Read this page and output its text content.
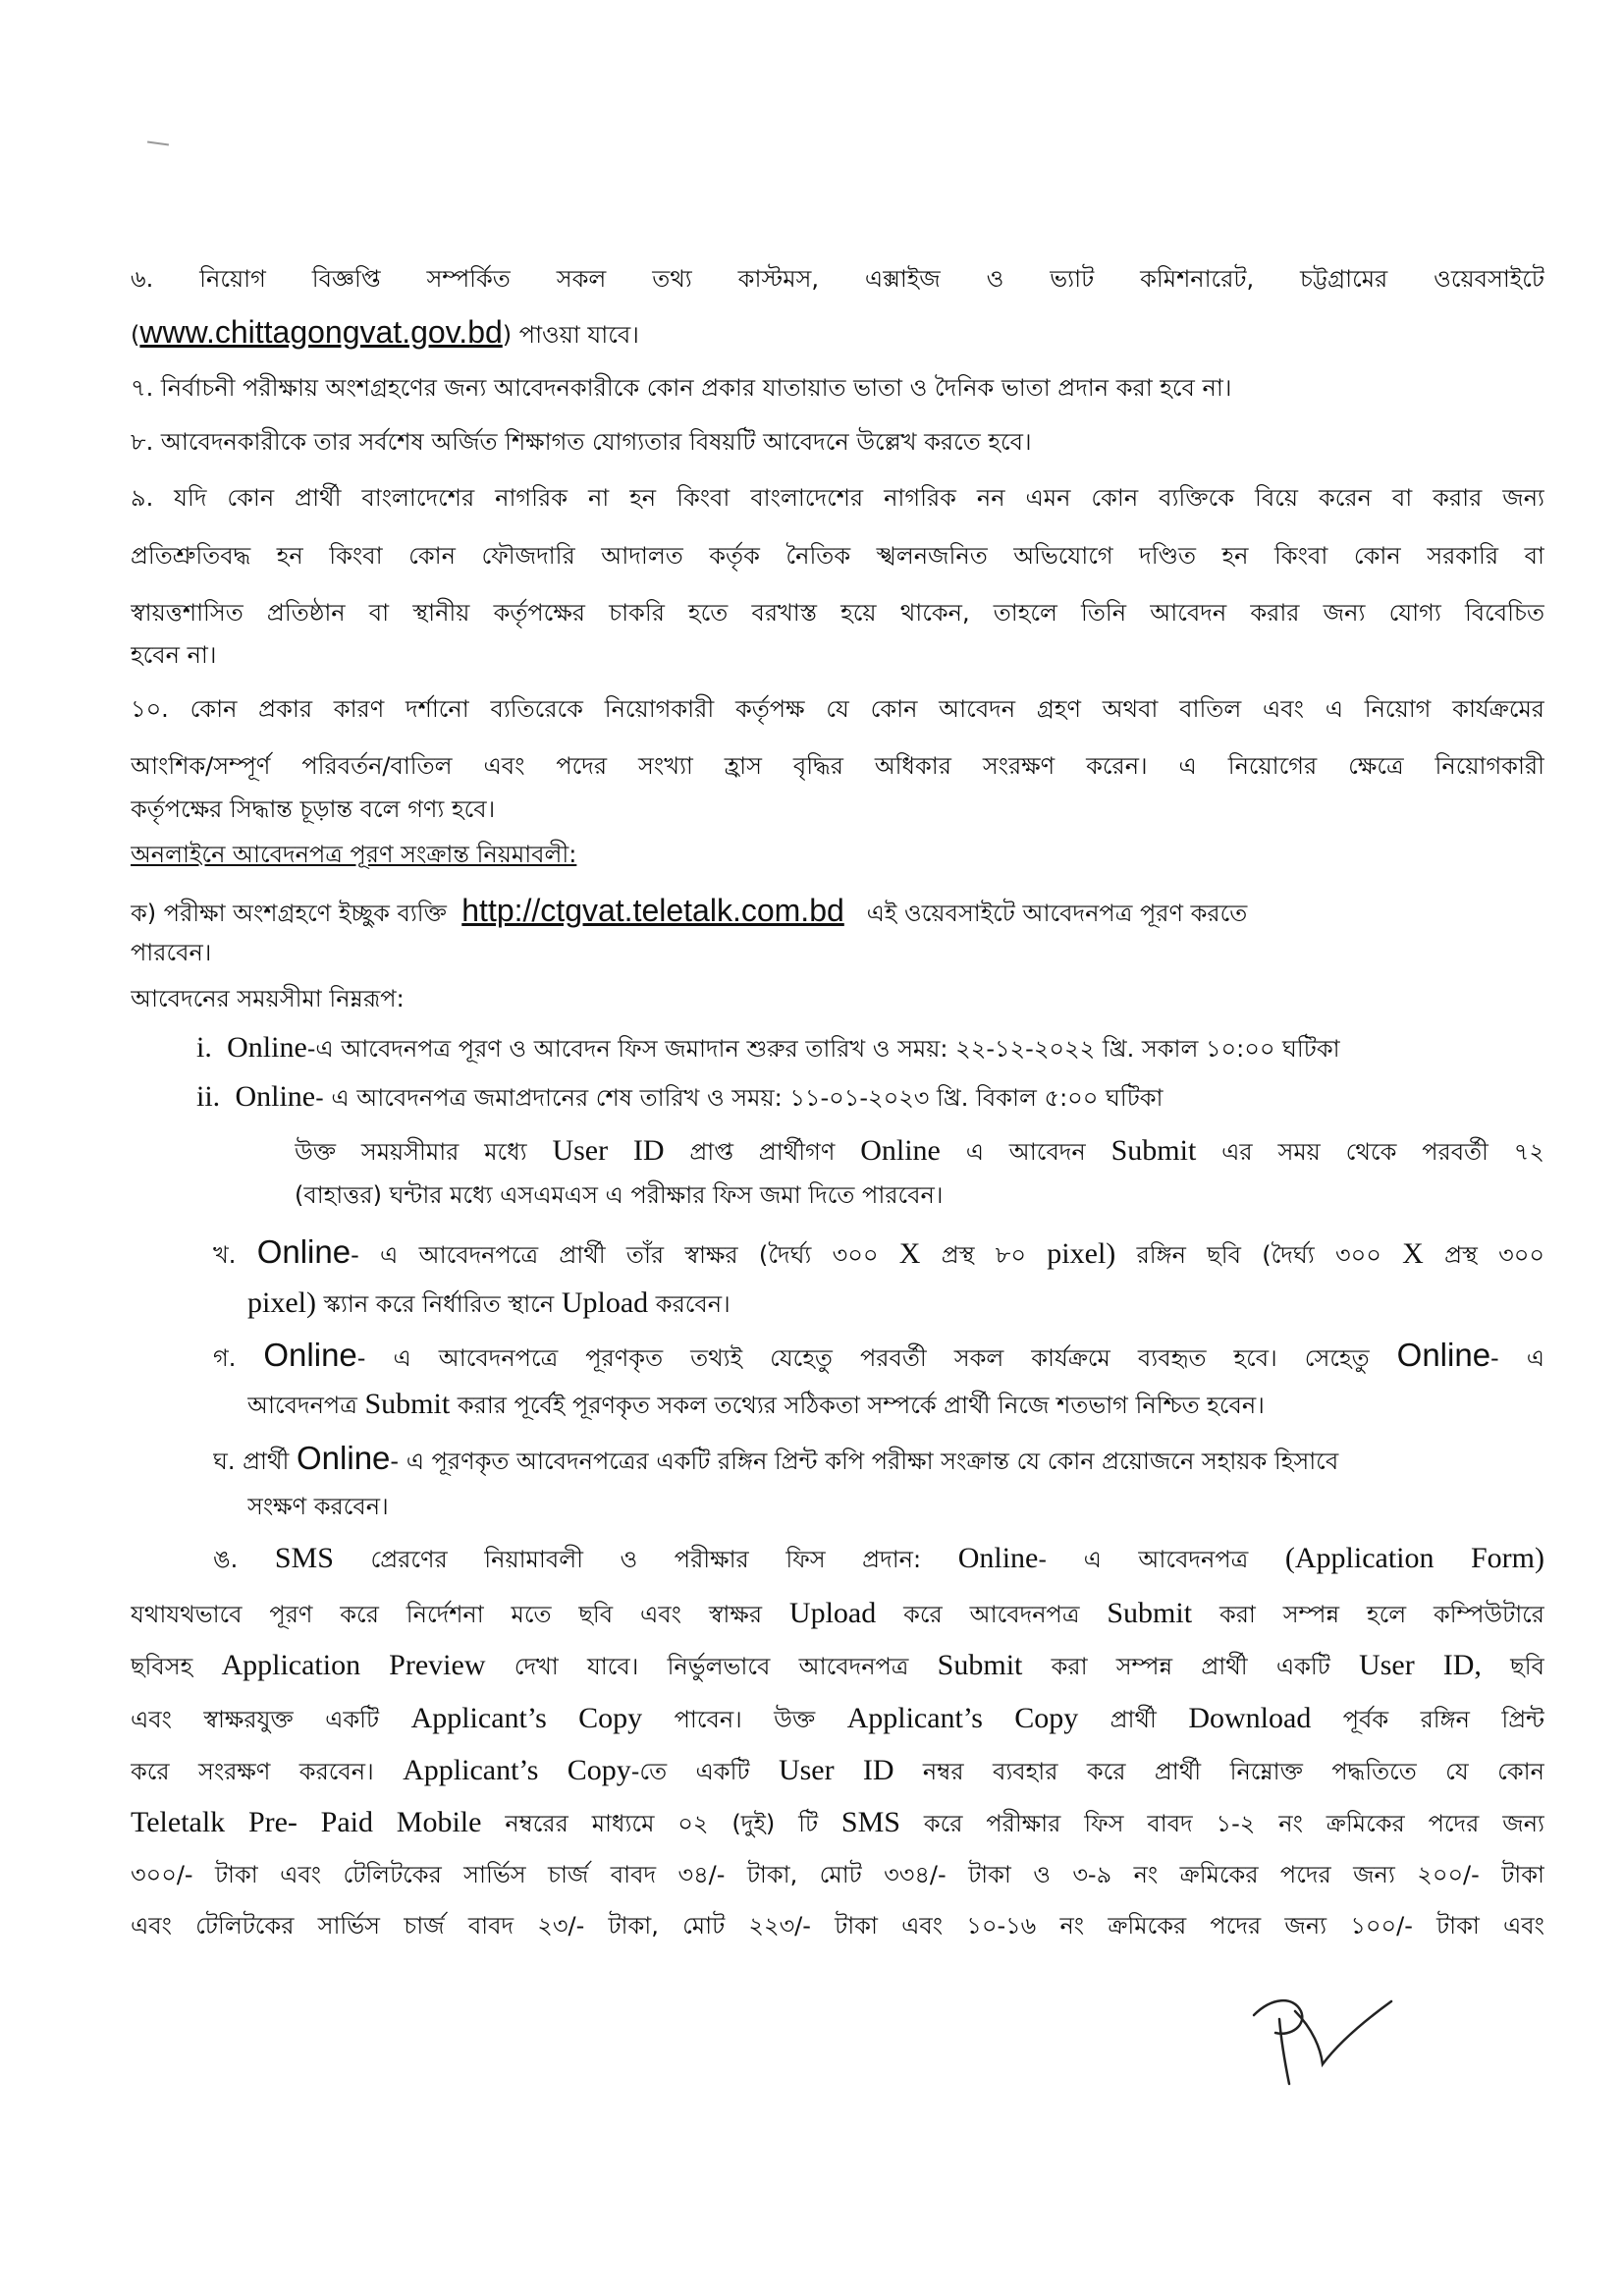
৬. নিয়োগ বিজ্ঞপ্তি সম্পর্কিত সকল তথ্য কাস্টমস, এক্সাইজ ও ভ্যাট কমিশনারেট, চট্টগ্রামের ওয়েবসাইটে
(www.chittagongvat.gov.bd) পাওয়া যাবে।
৭. নির্বাচনী পরীক্ষায় অংশগ্রহণের জন্য আবেদনকারীকে কোন প্রকার যাতায়াত ভাতা ও দৈনিক ভাতা প্রদান করা হবে না।
৮. আবেদনকারীকে তার সর্বশেষ অর্জিত শিক্ষাগত যোগ্যতার বিষয়টি আবেদনে উল্লেখ করতে হবে।
৯. যদি কোন প্রার্থী বাংলাদেশের নাগরিক না হন কিংবা বাংলাদেশের নাগরিক নন এমন কোন ব্যক্তিকে বিয়ে করেন বা করার জন্য
প্রতিশ্রুতিবদ্ধ হন কিংবা কোন ফৌজদারি আদালত কর্তৃক নৈতিক স্খলনজনিত অভিযোগে দণ্ডিত হন কিংবা কোন সরকারি বা
স্বায়ত্তশাসিত প্রতিষ্ঠান বা স্থানীয় কর্তৃপক্ষের চাকরি হতে বরখাস্ত হয়ে থাকেন, তাহলে তিনি আবেদন করার জন্য যোগ্য বিবেচিত
হবেন না।
১০. কোন প্রকার কারণ দর্শানো ব্যতিরেকে নিয়োগকারী কর্তৃপক্ষ যে কোন আবেদন গ্রহণ অথবা বাতিল এবং এ নিয়োগ কার্যক্রমের
আংশিক/সম্পূর্ণ পরিবর্তন/বাতিল এবং পদের সংখ্যা হ্রাস বৃদ্ধির অধিকার সংরক্ষণ করেন। এ নিয়োগের ক্ষেত্রে নিয়োগকারী
কর্তৃপক্ষের সিদ্ধান্ত চূড়ান্ত বলে গণ্য হবে।
অনলাইনে আবেদনপত্র পূরণ সংক্রান্ত নিয়মাবলী:
ক) পরীক্ষা অংশগ্রহণে ইচ্ছুক ব্যক্তি http://ctgvat.teletalk.com.bd এই ওয়েবসাইটে আবেদনপত্র পূরণ করতে
পারবেন।
আবেদনের সময়সীমা নিম্নরূপ:
i. Online-এ আবেদনপত্র পূরণ ও আবেদন ফিস জমাদান শুরুর তারিখ ও সময়: ২২-১২-২০২২ খ্রি. সকাল ১০:০০ ঘটিকা
ii. Online- এ আবেদনপত্র জমাপ্রদানের শেষ তারিখ ও সময়: ১১-০১-২০২৩ খ্রি. বিকাল ৫:০০ ঘটিকা
উক্ত সময়সীমার মধ্যে User ID প্রাপ্ত প্রার্থীগণ Online এ আবেদন Submit এর সময় থেকে পরবর্তী ৭২
(বাহাত্তর) ঘন্টার মধ্যে এসএমএস এ পরীক্ষার ফিস জমা দিতে পারবেন।
খ. Online- এ আবেদনপত্রে প্রার্থী তাঁর স্বাক্ষর (দৈর্ঘ্য ৩০০ X প্রস্থ ৮০ pixel) রঙ্গিন ছবি (দৈর্ঘ্য ৩০০ X প্রস্থ ৩০০
pixel) স্ক্যান করে নির্ধারিত স্থানে Upload করবেন।
গ. Online- এ আবেদনপত্রে পূরণকৃত তথ্যই যেহেতু পরবর্তী সকল কার্যক্রমে ব্যবহৃত হবে। সেহেতু Online- এ
আবেদনপত্র Submit করার পূর্বেই পূরণকৃত সকল তথ্যের সঠিকতা সম্পর্কে প্রার্থী নিজে শতভাগ নিশ্চিত হবেন।
ঘ. প্রার্থী Online- এ পূরণকৃত আবেদনপত্রের একটি রঙ্গিন প্রিন্ট কপি পরীক্ষা সংক্রান্ত যে কোন প্রয়োজনে সহায়ক হিসাবে
সংক্ষণ করবেন।
ঙ. SMS প্রেরণের নিয়ামাবলী ও পরীক্ষার ফিস প্রদান: Online- এ আবেদনপত্র (Application Form)
যথাযথভাবে পূরণ করে নির্দেশনা মতে ছবি এবং স্বাক্ষর Upload করে আবেদনপত্র Submit করা সম্পন্ন হলে কম্পিউটারে
ছবিসহ Application Preview দেখা যাবে। নির্ভুলভাবে আবেদনপত্র Submit করা সম্পন্ন প্রার্থী একটি User ID, ছবি
এবং স্বাক্ষরযুক্ত একটি Applicant’s Copy পাবেন। উক্ত Applicant’s Copy প্রার্থী Download পূর্বক রঙ্গিন প্রিন্ট
করে সংরক্ষণ করবেন। Applicant’s Copy-তে একটি User ID নম্বর ব্যবহার করে প্রার্থী নিম্নোক্ত পদ্ধতিতে যে কোন
Teletalk Pre- Paid Mobile নম্বরের মাধ্যমে ০২ (দুই) টি SMS করে পরীক্ষার ফিস বাবদ ১-২ নং ক্রমিকের পদের জন্য
৩০০/- টাকা এবং টেলিটকের সার্ভিস চার্জ বাবদ ৩৪/- টাকা, মোট ৩৩৪/- টাকা ও ৩-৯ নং ক্রমিকের পদের জন্য ২০০/- টাকা
এবং টেলিটকের সার্ভিস চার্জ বাবদ ২৩/- টাকা, মোট ২২৩/- টাকা এবং ১০-১৬ নং ক্রমিকের পদের জন্য ১০০/- টাকা এবং
